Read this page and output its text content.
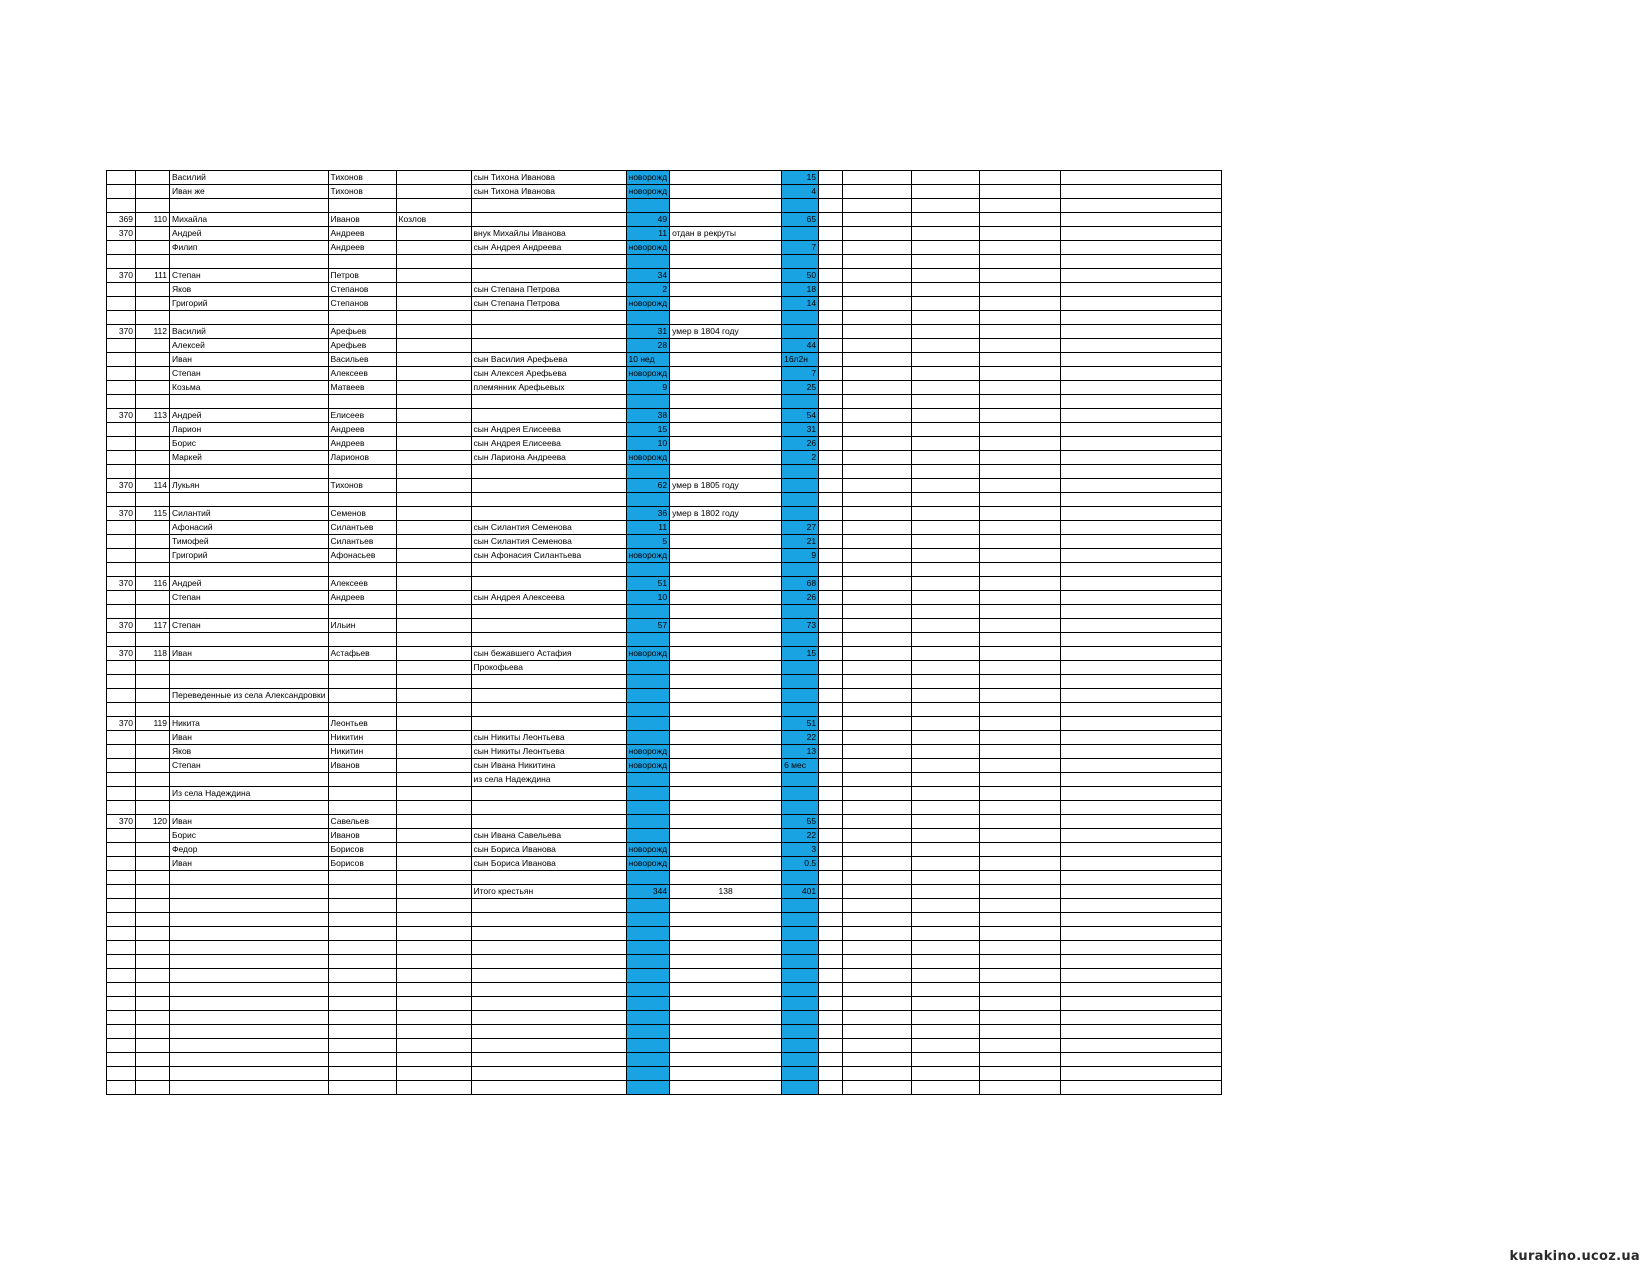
		Василий	Тихонов		сын Тихона Иванова	новорожд		15					
		Иван же	Тихонов		сын Тихона Иванова	новорожд		4					

369	110	Михайла	Иванов	Козлов		49		65					
370		Андрей	Андреев		внук Михайлы Иванова	11	отдан в рекруты						
		Филип	Андреев		сын Андрея Андреева	новорожд		7					

370	111	Степан	Петров			34		50					
		Яков	Степанов		сын Степана Петрова	2		18					
		Григорий	Степанов		сын Степана Петрова	новорожд		14					

370	112	Василий	Арефьев			31	умер в 1804 году						
		Алексей	Арефьев			28		44					
		Иван	Васильев		сын Василия Арефьева	10 нед		16л2н					
		Степан	Алексеев		сын Алексея Арефьева	новорожд		7					
		Козьма	Матвеев		племянник Арефьевых	9		25					

370	113	Андрей	Елисеев			38		54					
		Ларион	Андреев		сын Андрея Елисеева	15		31					
		Борис	Андреев		сын Андрея Елисеева	10		26					
		Маркей	Ларионов		сын Лариона Андреева	новорожд		2					

370	114	Лукьян	Тихонов			62	умер в 1805 году						

370	115	Силантий	Семенов			36	умер в 1802 году						
		Афонасий	Силантьев		сын Силантия Семенова	11		27					
		Тимофей	Силантьев		сын Силантия Семенова	5		21					
		Григорий	Афонасьев		сын Афонасия Силантьева	новорожд		9					

370	116	Андрей	Алексеев			51		68					
		Степан	Андреев		сын Андрея Алексеева	10		26					

370	117	Степан	Ильин			57		73					

370	118	Иван	Астафьев		сын бежавшего Астафия	новорожд		15					
					Прокофьева								

		Переведенные из села Александровки											

370	119	Никита	Леонтьев					51					
		Иван	Никитин		сын Никиты Леонтьева			22					
		Яков	Никитин		сын Никиты Леонтьева	новорожд		13					
		Степан	Иванов		сын Ивана Никитина	новорожд		6 мес					
					из села Надеждина								
		Из села Надеждина											

370	120	Иван	Савельев					55					
		Борис	Иванов		сын Ивана Савельева			22					
		Федор	Борисов		сын Бориса Иванова	новорожд		3					
		Иван	Борисов		сын Бориса Иванова	новорожд		0.5					

					Итого крестьян	344	138	401					

kurakino.ucoz.ua
